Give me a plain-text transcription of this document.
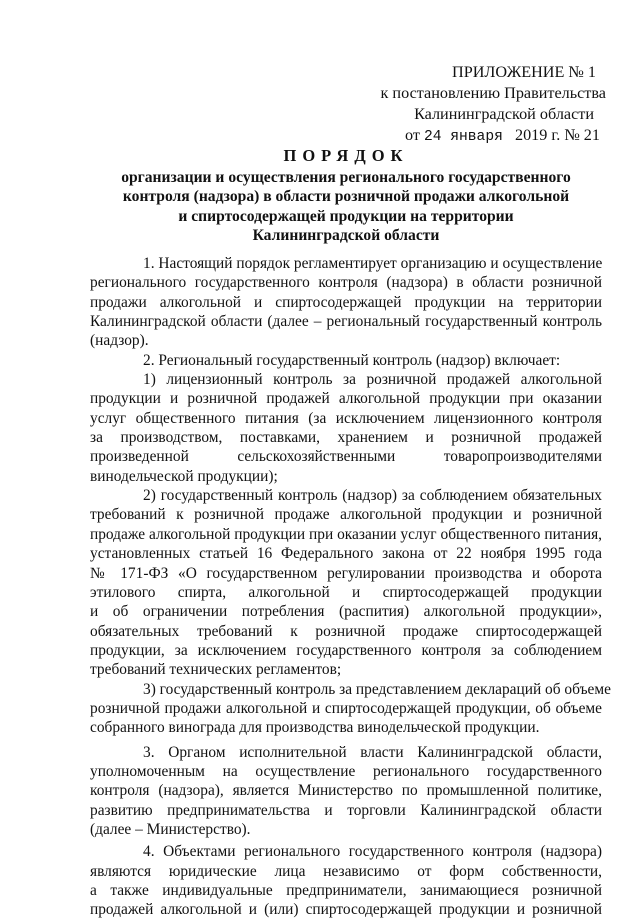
ПРИЛОЖЕНИЕ № 1
к постановлению Правительства
Калининградской области
от 24 января 2019 г. № 21
ПОРЯДОК
организации и осуществления регионального государственного
контроля (надзора) в области розничной продажи алкогольной
и спиртосодержащей продукции на территории
Калининградской области

1. Настоящий порядок регламентирует организацию и осуществление
регионального государственного контроля (надзора) в области розничной
продажи алкогольной и спиртосодержащей продукции на территории
Калининградской области (далее – региональный государственный контроль
(надзор).

2. Региональный государственный контроль (надзор) включает:

1) лицензионный контроль за розничной продажей алкогольной
продукции и розничной продажей алкогольной продукции при оказании
услуг общественного питания (за исключением лицензионного контроля
за производством, поставками, хранением и розничной продажей
произведенной сельскохозяйственными товаропроизводителями
винодельческой продукции);

2) государственный контроль (надзор) за соблюдением обязательных
требований к розничной продаже алкогольной продукции и розничной
продаже алкогольной продукции при оказании услуг общественного питания,
установленных статьей 16 Федерального закона от 22 ноября 1995 года
№ 171-ФЗ «О государственном регулировании производства и оборота
этилового спирта, алкогольной и спиртосодержащей продукции
и об ограничении потребления (распития) алкогольной продукции»,
обязательных требований к розничной продаже спиртосодержащей
продукции, за исключением государственного контроля за соблюдением
требований технических регламентов;

3) государственный контроль за представлением деклараций об объеме
розничной продажи алкогольной и спиртосодержащей продукции, об объеме
собранного винограда для производства винодельческой продукции.

3. Органом исполнительной власти Калининградской области,
уполномоченным на осуществление регионального государственного
контроля (надзора), является Министерство по промышленной политике,
развитию предпринимательства и торговли Калининградской области
(далее – Министерство).

4. Объектами регионального государственного контроля (надзора)
являются юридические лица независимо от форм собственности,
а также индивидуальные предприниматели, занимающиеся розничной
продажей алкогольной и (или) спиртосодержащей продукции и розничной
